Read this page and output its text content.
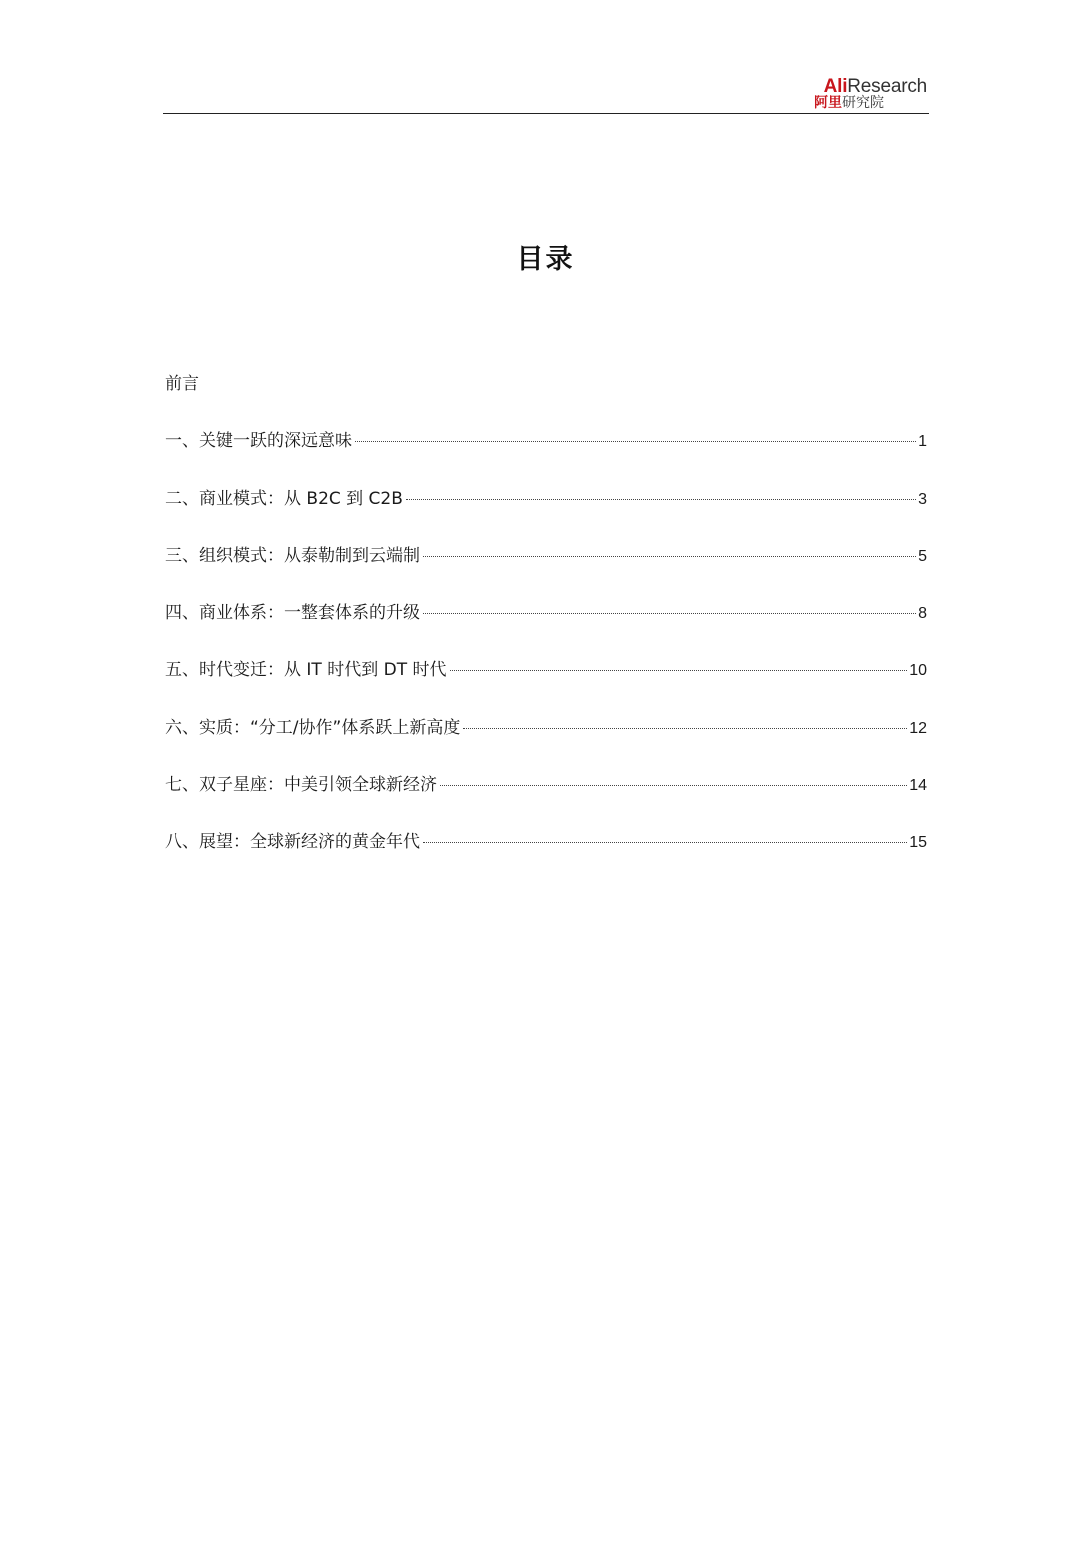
AliResearch
阿里研究院
目录
前言
一、关键一跃的深远意味	1
二、商业模式：从 B2C 到 C2B	3
三、组织模式：从泰勒制到云端制	5
四、商业体系：一整套体系的升级	8
五、时代变迁：从 IT 时代到 DT 时代	10
六、实质：“分工/协作”体系跃上新高度	12
七、双子星座：中美引领全球新经济	14
八、展望：全球新经济的黄金年代	15
